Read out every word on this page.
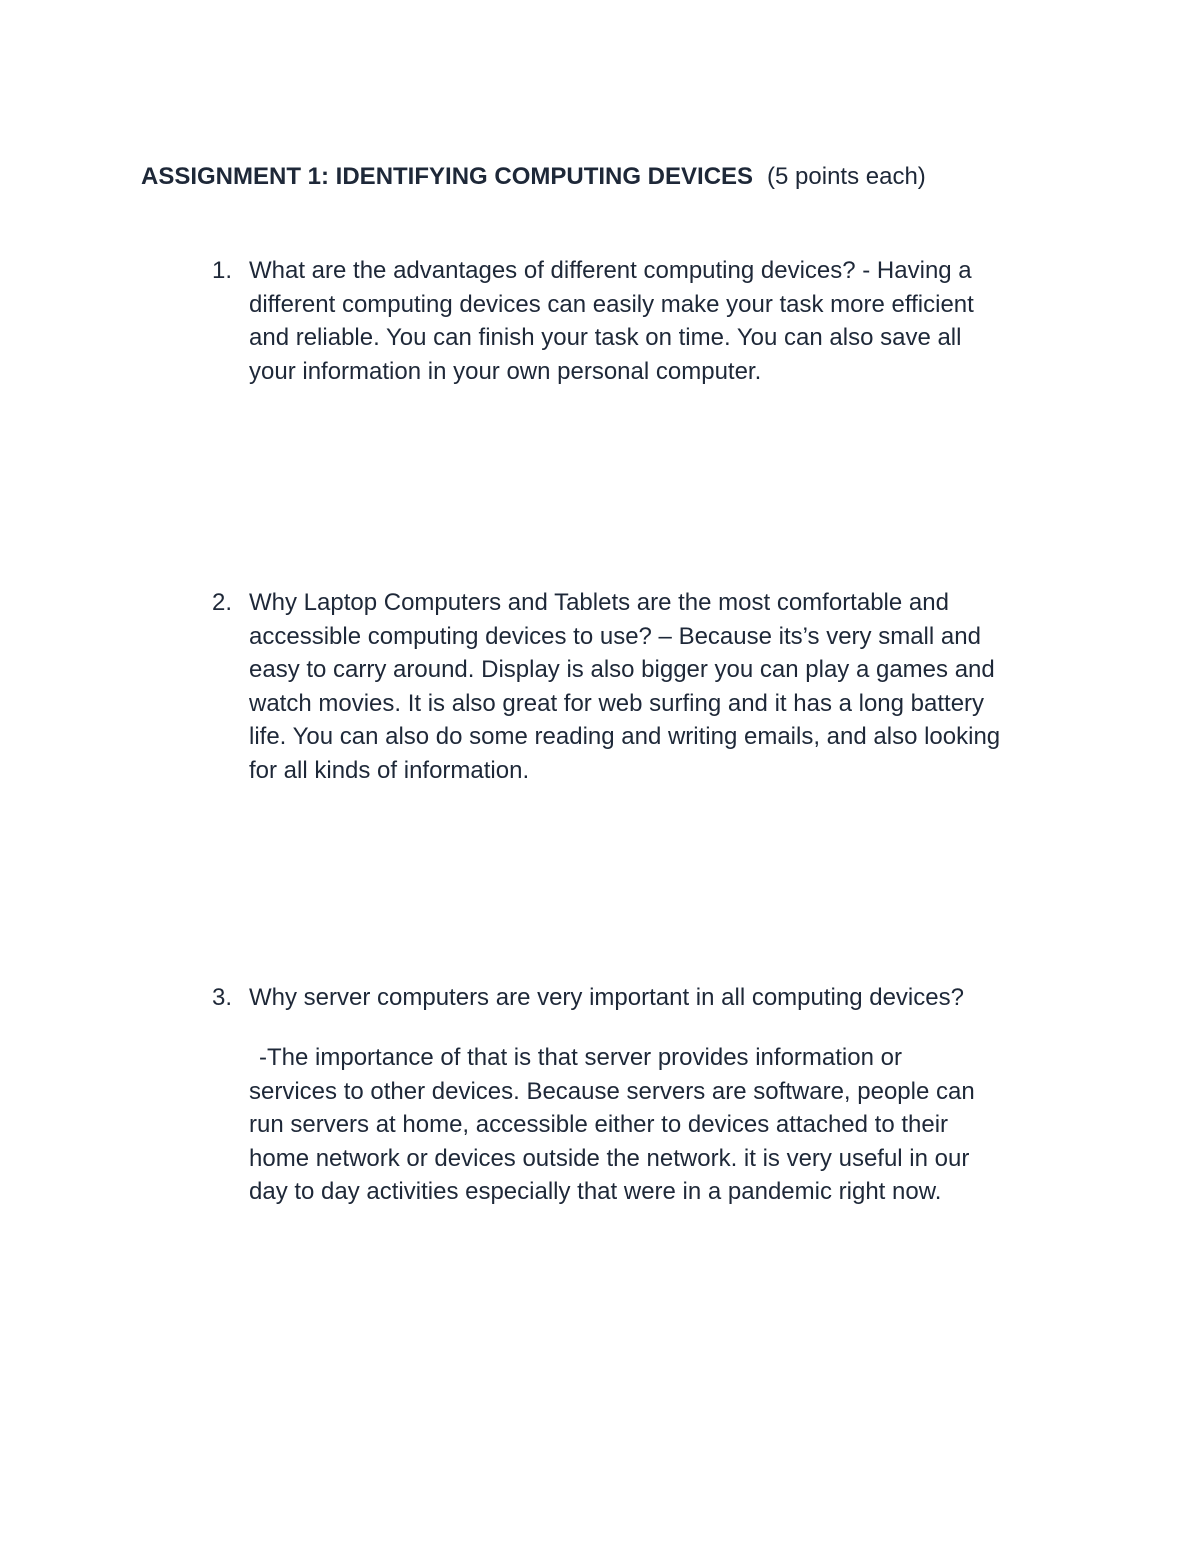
ASSIGNMENT 1: IDENTIFYING COMPUTING DEVICES (5 points each)
1. What are the advantages of different computing devices? - Having a
different computing devices can easily make your task more efficient
and reliable. You can finish your task on time. You can also save all
your information in your own personal computer.
2. Why Laptop Computers and Tablets are the most comfortable and
accessible computing devices to use? – Because its’s very small and
easy to carry around. Display is also bigger you can play a games and
watch movies. It is also great for web surfing and it has a long battery
life. You can also do some reading and writing emails, and also looking
for all kinds of information.
3. Why server computers are very important in all computing devices?
-The importance of that is that server provides information or
services to other devices. Because servers are software, people can
run servers at home, accessible either to devices attached to their
home network or devices outside the network. it is very useful in our
day to day activities especially that were in a pandemic right now.
